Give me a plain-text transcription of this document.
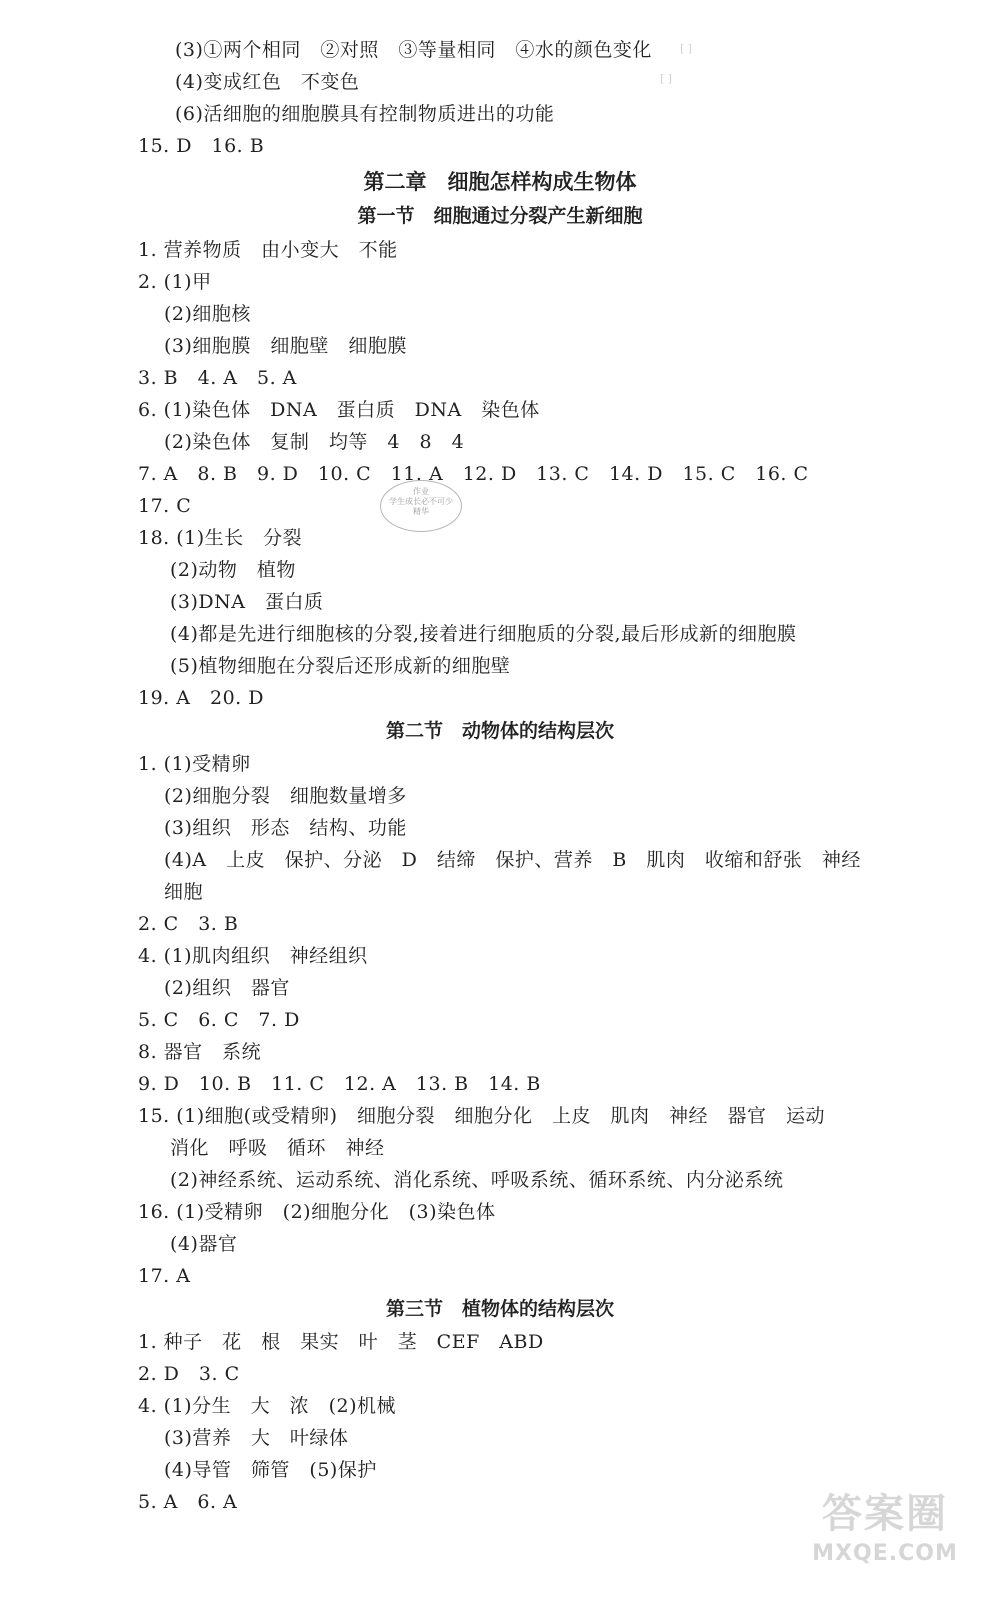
(3)①两个相同　②对照　③等量相同　④水的颜色变化
(4)变成红色　不变色
(6)活细胞的细胞膜具有控制物质进出的功能
15. D　16. B
[ ]
[ ]
第二章　细胞怎样构成生物体
第一节　细胞通过分裂产生新细胞
1. 营养物质　由小变大　不能
2. (1)甲
(2)细胞核
(3)细胞膜　细胞壁　细胞膜
3. B　4. A　5. A
6. (1)染色体　DNA　蛋白质　DNA　染色体
(2)染色体　复制　均等　4　8　4
7. A　8. B　9. D　10. C　11. A　12. D　13. C　14. D　15. C　16. C
17. C
18. (1)生长　分裂
(2)动物　植物
(3)DNA　蛋白质
(4)都是先进行细胞核的分裂,接着进行细胞质的分裂,最后形成新的细胞膜
(5)植物细胞在分裂后还形成新的细胞壁
19. A　20. D
作业
学生成长必不可少
精华
第二节　动物体的结构层次
1. (1)受精卵
(2)细胞分裂　细胞数量增多
(3)组织　形态　结构、功能
(4)A　上皮　保护、分泌　D　结缔　保护、营养　B　肌肉　收缩和舒张　神经
细胞
2. C　3. B
4. (1)肌肉组织　神经组织
(2)组织　器官
5. C　6. C　7. D
8. 器官　系统
9. D　10. B　11. C　12. A　13. B　14. B
15. (1)细胞(或受精卵)　细胞分裂　细胞分化　上皮　肌肉　神经　器官　运动
消化　呼吸　循环　神经
(2)神经系统、运动系统、消化系统、呼吸系统、循环系统、内分泌系统
16. (1)受精卵　(2)细胞分化　(3)染色体
(4)器官
17. A
第三节　植物体的结构层次
1. 种子　花　根　果实　叶　茎　CEF　ABD
2. D　3. C
4. (1)分生　大　浓　(2)机械
(3)营养　大　叶绿体
(4)导管　筛管　(5)保护
5. A　6. A	答案圈
MXQE.COM
